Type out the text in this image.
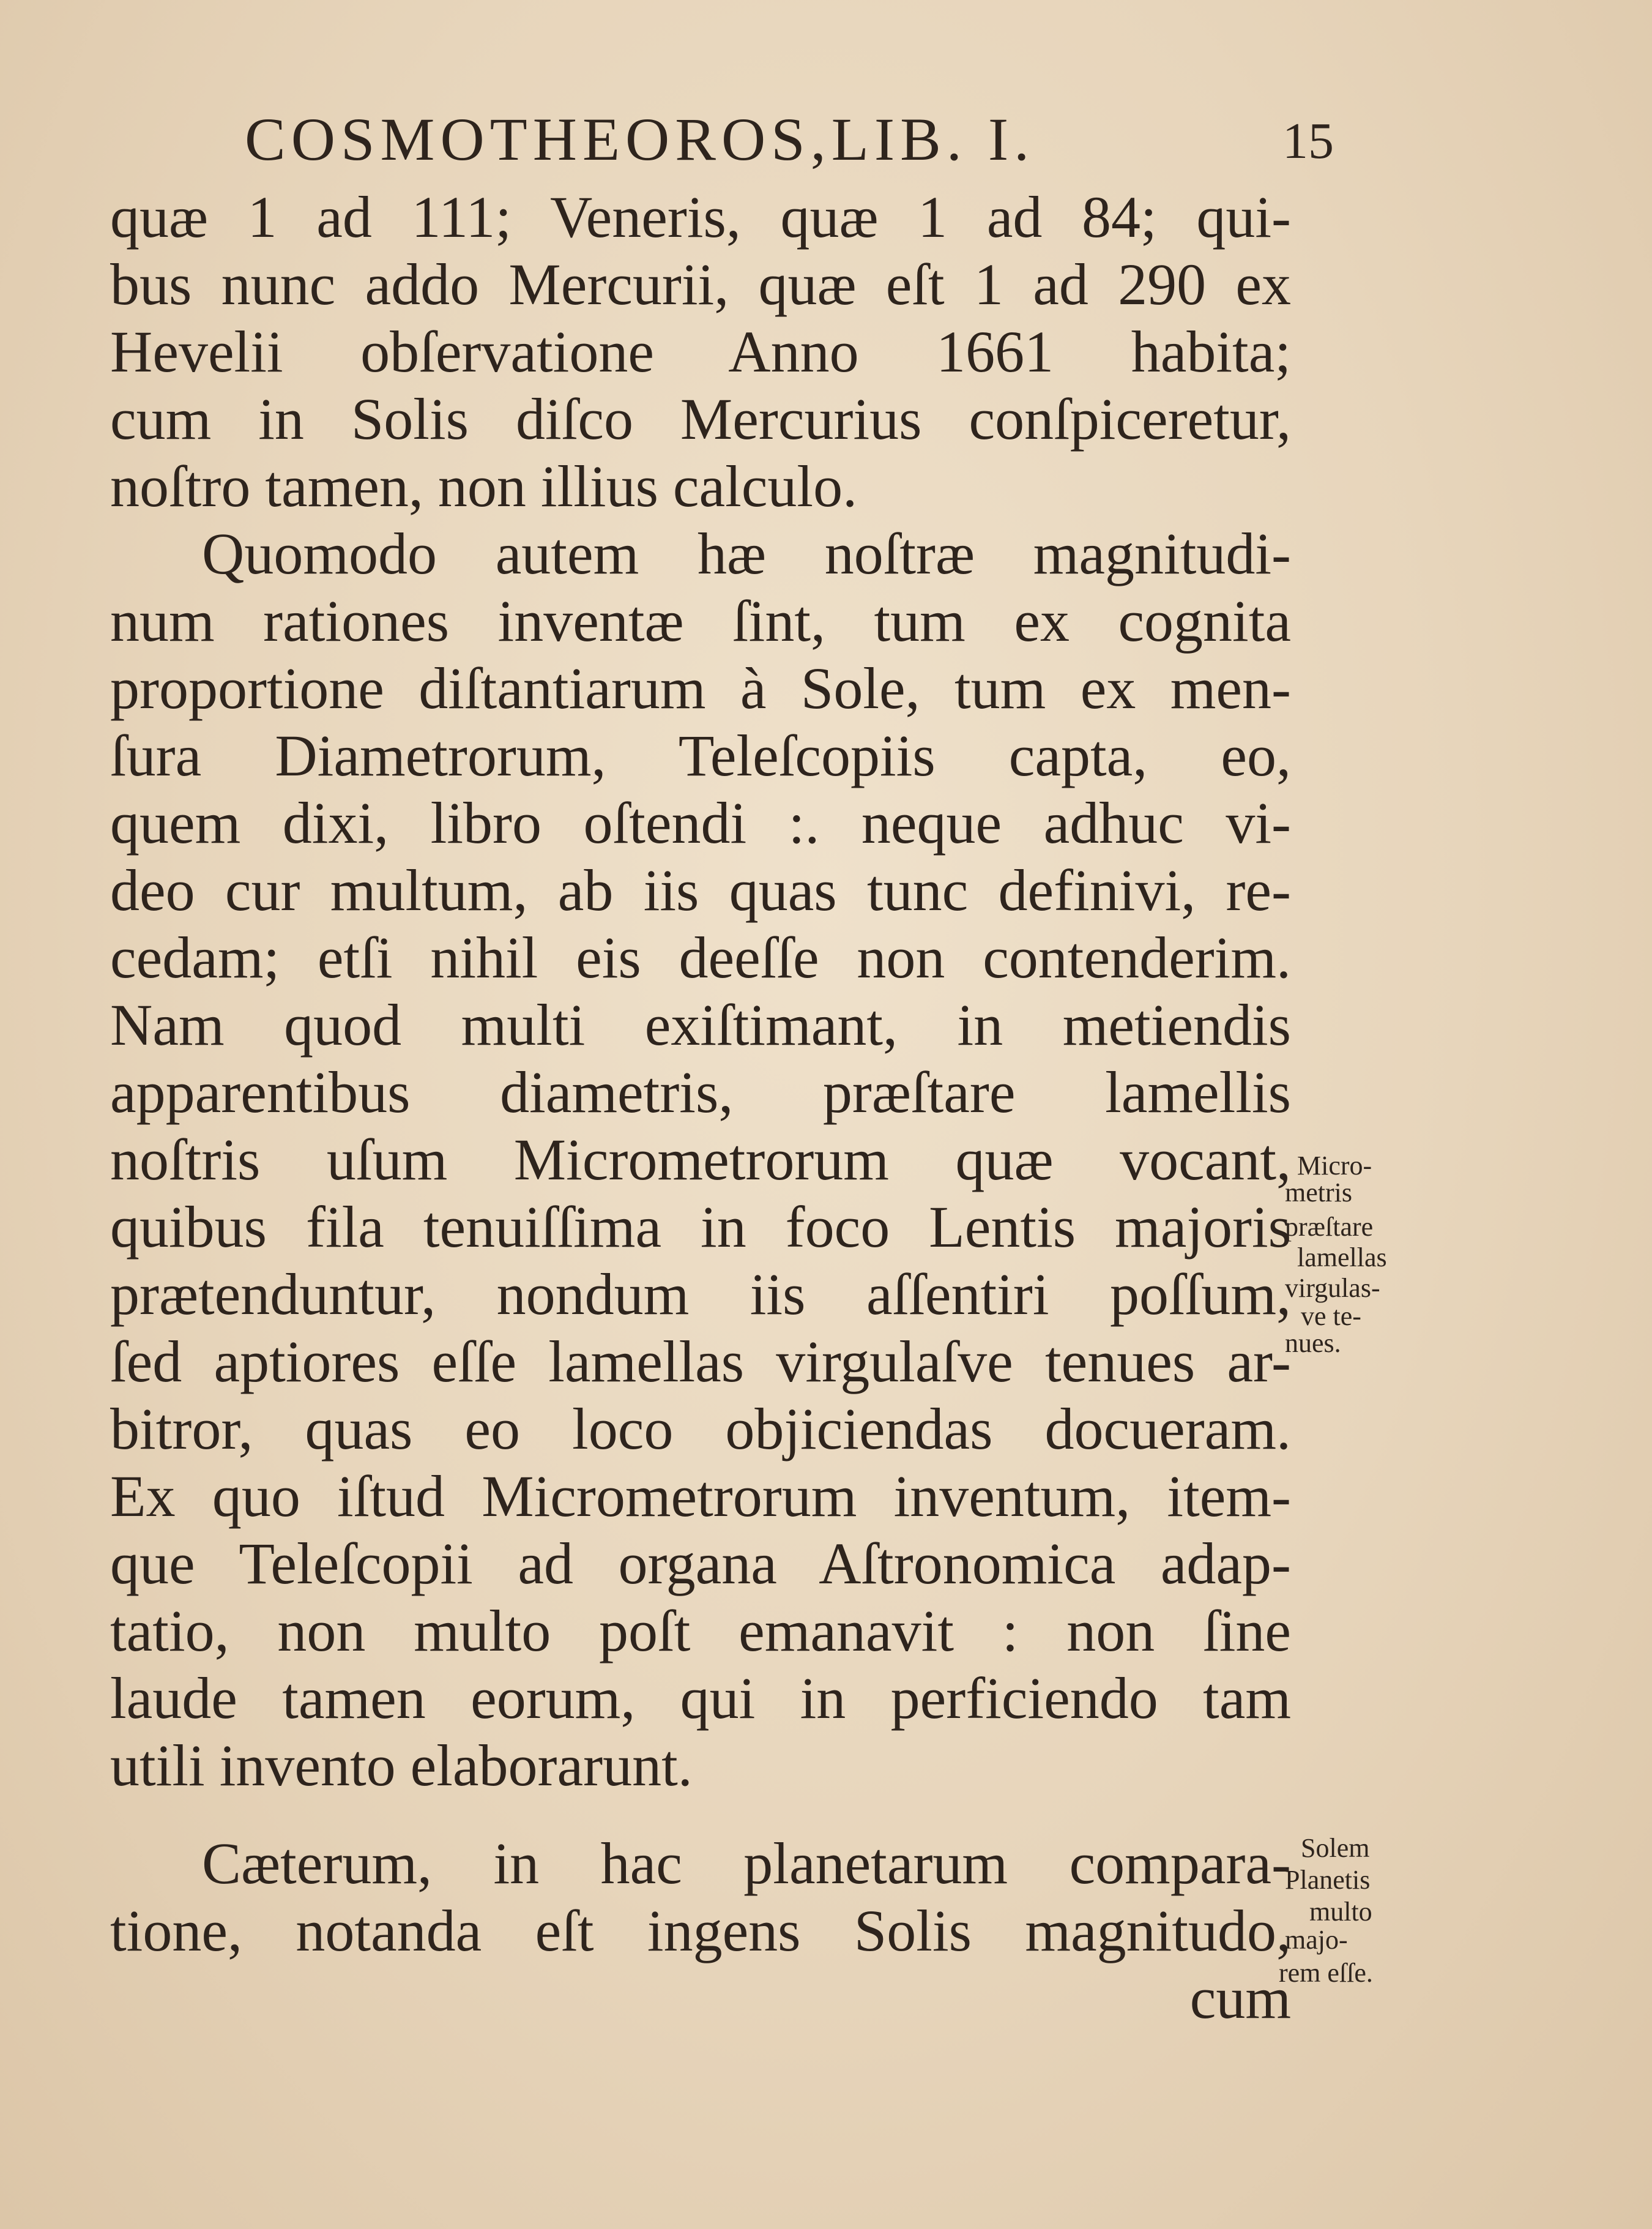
COSMOTHEOROS,LIB. I.	15
quæ 1 ad 111; Veneris, quæ 1 ad 84; qui-
bus nunc addo Mercurii, quæ eſt 1 ad 290 ex
Hevelii obſervatione Anno 1661 habita;
cum in Solis diſco Mercurius conſpiceretur,
noſtro tamen, non illius calculo.
Quomodo autem hæ noſtræ magnitudi-
num rationes inventæ ſint, tum ex cognita
proportione diſtantiarum à Sole, tum ex men-
ſura Diametrorum, Teleſcopiis capta, eo,
quem dixi, libro oſtendi :. neque adhuc vi-
deo cur multum, ab iis quas tunc definivi, re-
cedam; etſi nihil eis deeſſe non contenderim.
Nam quod multi exiſtimant, in metiendis
apparentibus diametris, præſtare lamellis
noſtris uſum Micrometrorum quæ vocant,
quibus fila tenuiſſima in foco Lentis majoris
prætenduntur, nondum iis aſſentiri poſſum,
ſed aptiores eſſe lamellas virgulaſve tenues ar-
bitror, quas eo loco objiciendas docueram.
Ex quo iſtud Micrometrorum inventum, item-
que Teleſcopii ad organa Aſtronomica adap-
tatio, non multo poſt emanavit : non ſine
laude tamen eorum, qui in perficiendo tam
utili invento elaborarunt.
Cæterum, in hac planetarum compara-
tione, notanda eſt ingens Solis magnitudo,
cum
Micro-
metris
præſtare
lamellas
virgulas-
ve te-
nues.
Solem
Planetis
multo
majo-
rem eſſe.
